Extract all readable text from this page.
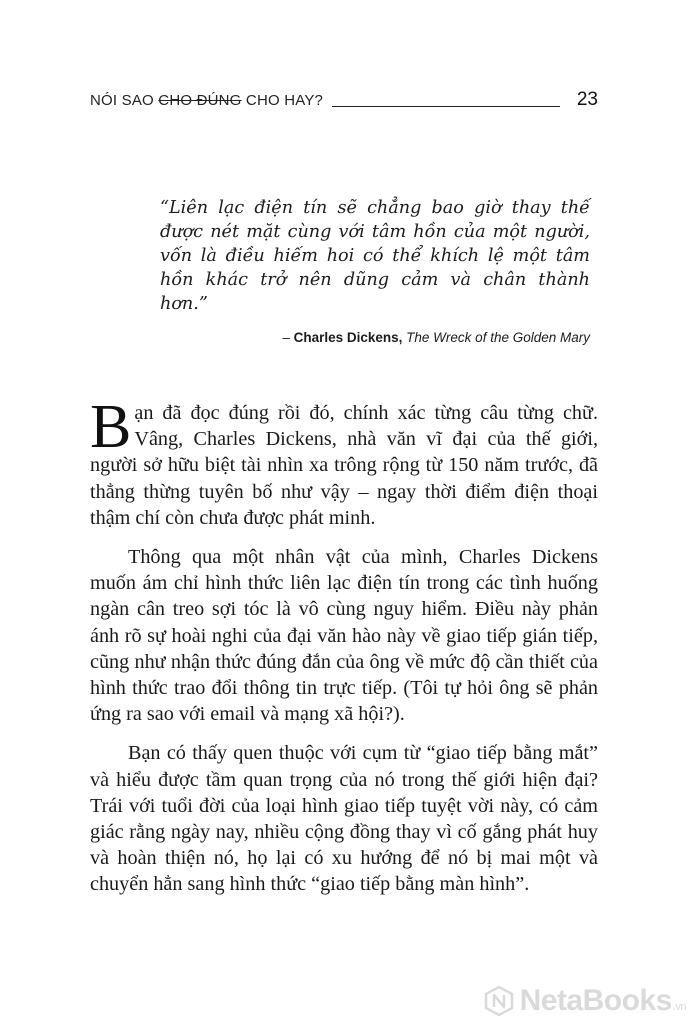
NÓI SAO CHO ĐÚNG CHO HAY?	23

“Liên lạc điện tín sẽ chẳng bao giờ thay thế được nét mặt cùng với tâm hồn của một người, vốn là điều hiếm hoi có thể khích lệ một tâm hồn khác trở nên dũng cảm và chân thành hơn.”

– Charles Dickens, The Wreck of the Golden Mary

Bạn đã đọc đúng rồi đó, chính xác từng câu từng chữ. Vâng, Charles Dickens, nhà văn vĩ đại của thế giới, người sở hữu biệt tài nhìn xa trông rộng từ 150 năm trước, đã thẳng thừng tuyên bố như vậy – ngay thời điểm điện thoại thậm chí còn chưa được phát minh.

Thông qua một nhân vật của mình, Charles Dickens muốn ám chỉ hình thức liên lạc điện tín trong các tình huống ngàn cân treo sợi tóc là vô cùng nguy hiểm. Điều này phản ánh rõ sự hoài nghi của đại văn hào này về giao tiếp gián tiếp, cũng như nhận thức đúng đắn của ông về mức độ cần thiết của hình thức trao đổi thông tin trực tiếp. (Tôi tự hỏi ông sẽ phản ứng ra sao với email và mạng xã hội?).

Bạn có thấy quen thuộc với cụm từ “giao tiếp bằng mắt” và hiểu được tầm quan trọng của nó trong thế giới hiện đại? Trái với tuổi đời của loại hình giao tiếp tuyệt vời này, có cảm giác rằng ngày nay, nhiều cộng đồng thay vì cố gắng phát huy và hoàn thiện nó, họ lại có xu hướng để nó bị mai một và chuyển hẳn sang hình thức “giao tiếp bằng màn hình”.

NetaBooks.vn
